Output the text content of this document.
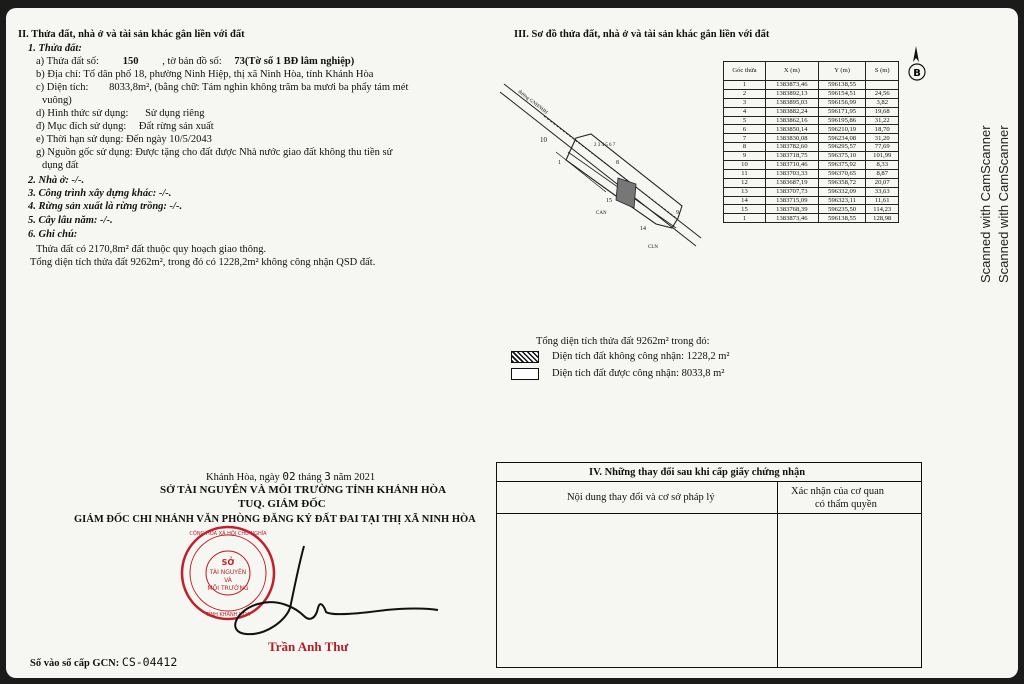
II. Thửa đất, nhà ở và tài sản khác gắn liền với đất
1. Thửa đất:
a) Thửa đất số: 150 , tờ bản đồ số: 73(Tờ số 1 BĐ lâm nghiệp)
b) Địa chỉ: Tổ dân phố 18, phường Ninh Hiệp, thị xã Ninh Hòa, tỉnh Khánh Hòa
c) Diện tích: 8033,8m², (bằng chữ: Tám nghìn không trăm ba mươi ba phẩy tám mét
vuông)
d) Hình thức sử dụng: Sử dụng riêng
đ) Mục đích sử dụng: Đất rừng sản xuất
e) Thời hạn sử dụng: Đến ngày 10/5/2043
g) Nguồn gốc sử dụng: Được tặng cho đất được Nhà nước giao đất không thu tiền sử
dụng đất
2. Nhà ở: -/-.
3. Công trình xây dựng khác: -/-.
4. Rừng sản xuất là rừng trồng: -/-.
5. Cây lâu năm: -/-.
6. Ghi chú:
Thửa đất có 2170,8m² đất thuộc quy hoạch giao thông.
Tổng diện tích thửa đất 9262m², trong đó có 1228,2m² không công nhận QSD đất.
Khánh Hòa, ngày 02 tháng 3 năm 2021
SỞ TÀI NGUYÊN VÀ MÔI TRƯỜNG TỈNH KHÁNH HÒA
TUQ. GIÁM ĐỐC
GIÁM ĐỐC CHI NHÁNH VĂN PHÒNG ĐĂNG KÝ ĐẤT ĐAI TẠI THỊ XÃ NINH HÒA
CỘNG HÒA XÃ HỘI CHỦ NGHĨA
SỞ
TÀI NGUYÊN
VÀ
MÔI TRƯỜNG
TỈNH KHÁNH HÒA
Trần Anh Thư
Số vào sổ cấp GCN: CS-04412
III. Sơ đồ thửa đất, nhà ở và tài sản khác gắn liền với đất
10
8
15
CAN
14
CLN
9
1
2 3 4 5 6 7
đường GNHNHH
Góc thửa	X (m)	Y (m)	S (m)
1	1383873,46	596138,55	
2	1383892,13	596154,51	24,56
3	1383895,03	596156,99	3,82
4	1383882,24	596171,95	19,68
5	1383862,16	596195,86	31,22
6	1383850,14	596210,19	18,70
7	1383830,08	596234,08	31,20
8	1383782,60	596295,57	77,69
9	1383718,75	596375,10	101,99
10	1383710,46	596375,92	8,33
11	1383703,33	596370,65	8,87
12	1383687,19	596358,72	20,07
13	1383707,73	596332,09	33,63
14	1383715,09	596323,11	11,61
15	1383768,39	596235,50	114,23
1	1383873,46	596138,55	128,98
B
Tổng diện tích thửa đất 9262m² trong đó:
Diện tích đất không công nhận: 1228,2 m²
Diện tích đất được công nhận: 8033,8 m²
IV. Những thay đổi sau khi cấp giấy chứng nhận
Nội dung thay đổi và cơ sở pháp lý
Xác nhận của cơ quan
có thẩm quyền
Scanned with CamScanner Scanned with CamScanner
